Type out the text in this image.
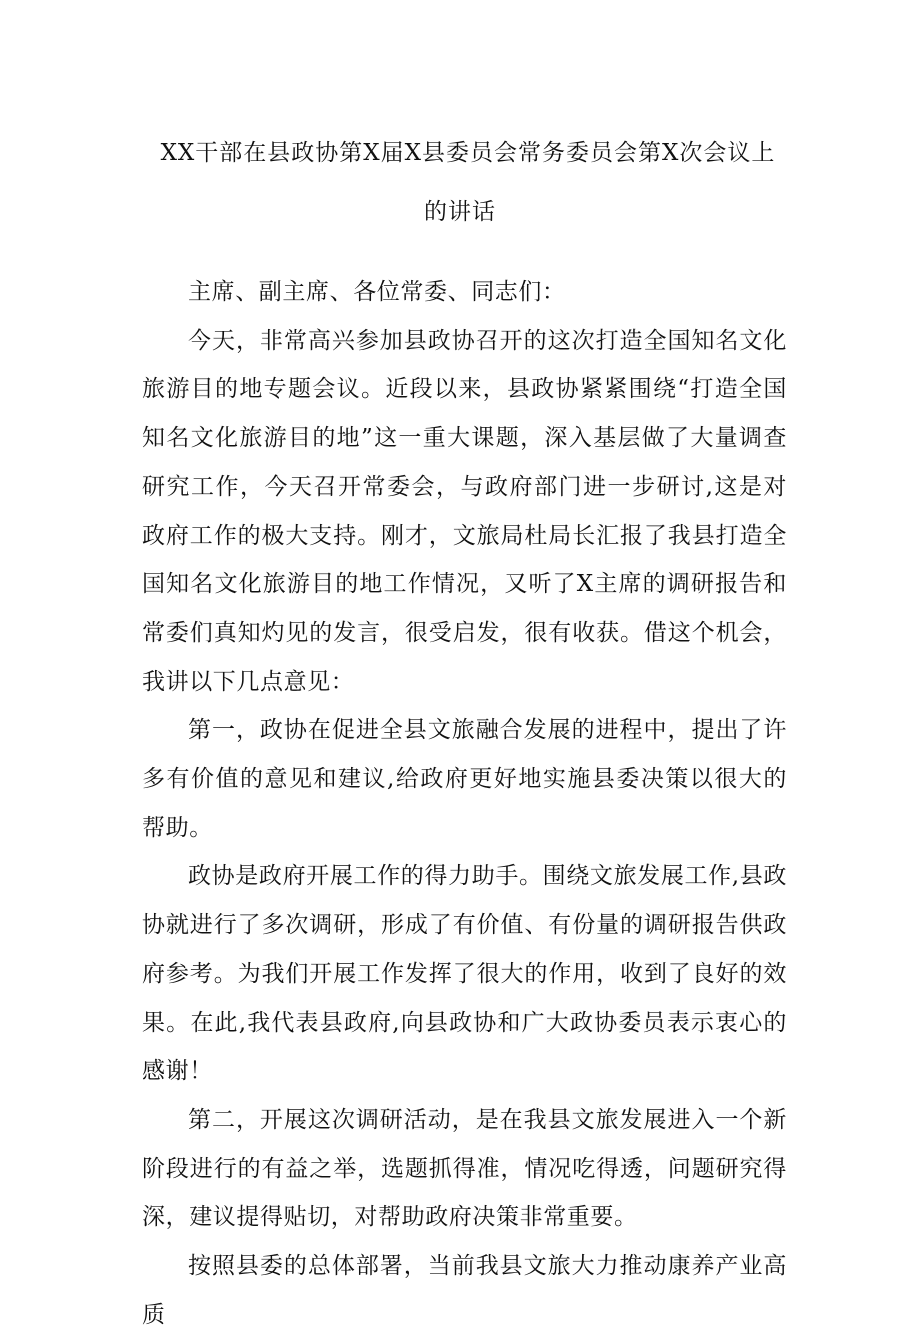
XX干部在县政协第X届X县委员会常务委员会第X次会议上
的讲话

主席、副主席、各位常委、同志们：

今天，非常高兴参加县政协召开的这次打造全国知名文化旅游目的地专题会议。近段以来，县政协紧紧围绕“打造全国知名文化旅游目的地”这一重大课题，深入基层做了大量调查研究工作，今天召开常委会，与政府部门进一步研讨,这是对政府工作的极大支持。刚才，文旅局杜局长汇报了我县打造全国知名文化旅游目的地工作情况，又听了X主席的调研报告和常委们真知灼见的发言，很受启发，很有收获。借这个机会，我讲以下几点意见：

第一，政协在促进全县文旅融合发展的进程中，提出了许多有价值的意见和建议,给政府更好地实施县委决策以很大的帮助。

政协是政府开展工作的得力助手。围绕文旅发展工作,县政协就进行了多次调研，形成了有价值、有份量的调研报告供政府参考。为我们开展工作发挥了很大的作用，收到了良好的效果。在此,我代表县政府,向县政协和广大政协委员表示衷心的感谢！

第二，开展这次调研活动，是在我县文旅发展进入一个新阶段进行的有益之举，选题抓得准，情况吃得透，问题研究得深，建议提得贴切，对帮助政府决策非常重要。

按照县委的总体部署，当前我县文旅大力推动康养产业高质
